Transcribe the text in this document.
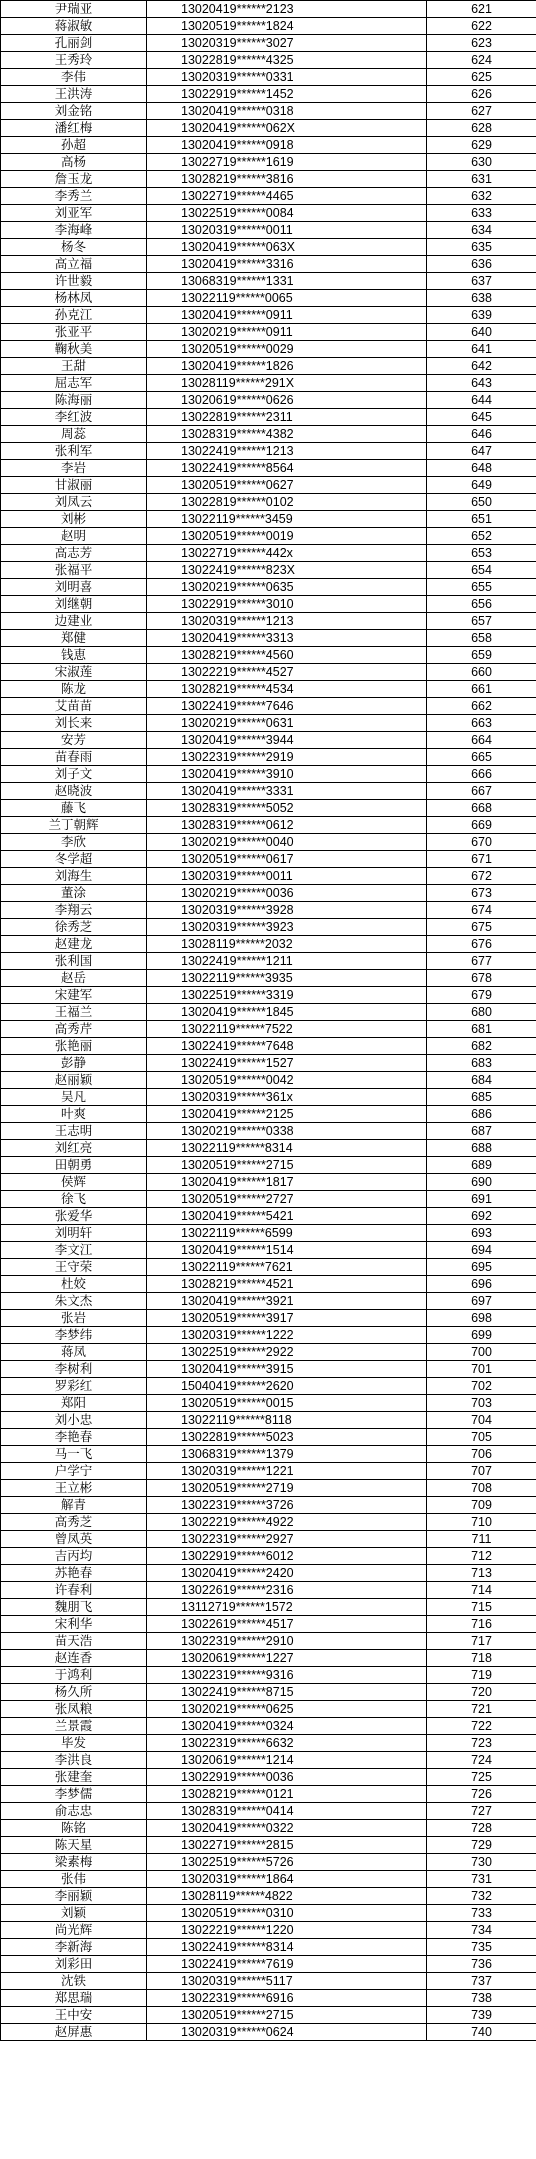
尹瑞亚	13020419******2123	621
蒋淑敏	13020519******1824	622
孔丽剑	13020319******3027	623
王秀玲	13022819******4325	624
李伟	13020319******0331	625
王洪涛	13022919******1452	626
刘金铭	13020419******0318	627
潘红梅	13020419******062X	628
孙超	13020419******0918	629
高杨	13022719******1619	630
詹玉龙	13028219******3816	631
李秀兰	13022719******4465	632
刘亚军	13022519******0084	633
李海峰	13020319******0011	634
杨冬	13020419******063X	635
高立福	13020419******3316	636
许世毅	13068319******1331	637
杨林凤	13022119******0065	638
孙克江	13020419******0911	639
张亚平	13020219******0911	640
鞠秋美	13020519******0029	641
王甜	13020419******1826	642
屈志军	13028119******291X	643
陈海丽	13020619******0626	644
李红波	13022819******2311	645
周蕊	13028319******4382	646
张利军	13022419******1213	647
李岩	13022419******8564	648
甘淑丽	13020519******0627	649
刘凤云	13022819******0102	650
刘彬	13022119******3459	651
赵明	13020519******0019	652
高志芳	13022719******442x	653
张福平	13022419******823X	654
刘明喜	13020219******0635	655
刘继朝	13022919******3010	656
边建业	13020319******1213	657
郑健	13020419******3313	658
钱恵	13028219******4560	659
宋淑莲	13022219******4527	660
陈龙	13028219******4534	661
艾苗苗	13022419******7646	662
刘长来	13020219******0631	663
安芳	13020419******3944	664
苗春雨	13022319******2919	665
刘子文	13020419******3910	666
赵晓波	13020419******3331	667
藤飞	13028319******5052	668
兰丁朝辉	13028319******0612	669
李欣	13020219******0040	670
冬学超	13020519******0617	671
刘海生	13020319******0011	672
董涂	13020219******0036	673
李翔云	13020319******3928	674
徐秀芝	13020319******3923	675
赵建龙	13028119******2032	676
张利国	13022419******1211	677
赵岳	13022119******3935	678
宋建军	13022519******3319	679
王福兰	13020419******1845	680
高秀芹	13022119******7522	681
张艳丽	13022419******7648	682
彭静	13022419******1527	683
赵丽颖	13020519******0042	684
吴凡	13020319******361x	685
叶爽	13020419******2125	686
王志明	13020219******0338	687
刘红亮	13022119******8314	688
田朝勇	13020519******2715	689
侯辉	13020419******1817	690
徐飞	13020519******2727	691
张爱华	13020419******5421	692
刘明轩	13022119******6599	693
李文江	13020419******1514	694
王守荣	13022119******7621	695
杜姣	13028219******4521	696
朱文杰	13020419******3921	697
张岩	13020519******3917	698
李梦纬	13020319******1222	699
蒋凤	13022519******2922	700
李树利	13020419******3915	701
罗彩红	15040419******2620	702
郑阳	13020519******0015	703
刘小忠	13022119******8118	704
李艳春	13022819******5023	705
马一飞	13068319******1379	706
户学宁	13020319******1221	707
王立彬	13020519******2719	708
解青	13022319******3726	709
高秀芝	13022219******4922	710
曾凤英	13022319******2927	711
吉丙均	13022919******6012	712
苏艳春	13020419******2420	713
许春利	13022619******2316	714
魏朋飞	13112719******1572	715
宋利华	13022619******4517	716
苗天浩	13022319******2910	717
赵连香	13020619******1227	718
于鸿利	13022319******9316	719
杨久所	13022419******8715	720
张凤粮	13020219******0625	721
兰景霞	13020419******0324	722
毕发	13022319******6632	723
李洪良	13020619******1214	724
张建奎	13022919******0036	725
李梦儒	13028219******0121	726
俞志忠	13028319******0414	727
陈铭	13020419******0322	728
陈天星	13022719******2815	729
梁素梅	13022519******5726	730
张伟	13020319******1864	731
李丽颖	13028119******4822	732
刘颖	13020519******0310	733
尚光辉	13022219******1220	734
李新海	13022419******8314	735
刘彩田	13022419******7619	736
沈铁	13020319******5117	737
郑思瑞	13022319******6916	738
王中安	13020519******2715	739
赵屏惠	13020319******0624	740
